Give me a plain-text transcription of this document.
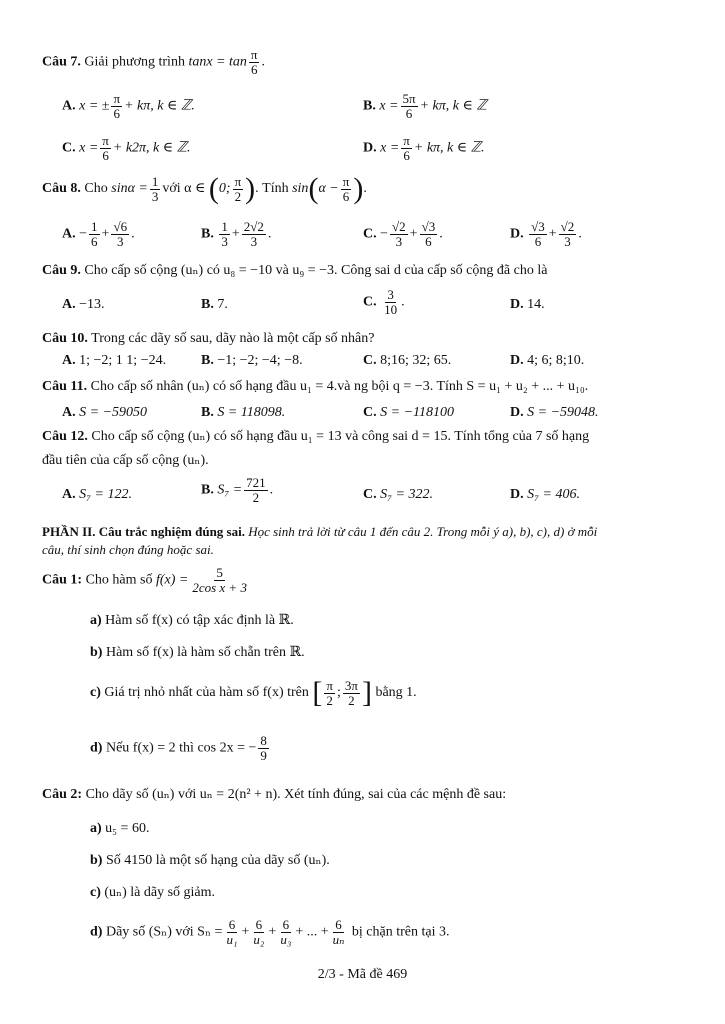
Câu 7. Giải phương trình $\tan x = \tan \frac{\pi}{6}$ .
A. x = ± $\frac{\pi}{6} + k\pi$, k ∈ ℤ.	B. $x = \frac{5\pi}{6} + k\pi$, k ∈ ℤ
C. $x = \frac{\pi}{6} + k2\pi$, k ∈ ℤ.	D. $x = \frac{\pi}{6} + k\pi$, k ∈ ℤ.
Câu 8. Cho $\sin\alpha = \frac{1}{3}$ với α ∈ (0; $\frac{\pi}{2}$ ). Tính $\sin(\alpha - \frac{\pi}{6}$ ).
A. − $\frac{1}{6} + \frac{√6}{3}$ .	B. $\frac{1}{3} + \frac{2√2}{3}$ .	C. − $\frac{√2}{3} + \frac{√3}{6}$ .	D. $\frac{√3}{6} + \frac{√2}{3}$ .
Câu 9. Cho cấp số cộng (uₙ) có u₈ = −10 và u₉ = −3. Công sai d của cấp số cộng đã cho là
A. −13.	B. 7.	C. $\frac{3}{10}$ .	D. 14.
Câu 10. Trong các dãy số sau, dãy nào là một cấp số nhân?
A. 1; −2; 1 1; −24. B. −1; −2; −4; −8.	C. 8;16; 32; 65.	D. 4; 6; 8;10.
Câu 11. Cho cấp số nhân (uₙ) có số hạng đầu u₁ = 4.và ng bội q = −3. Tính S = u₁ + u₂ + ... + u₁₀.
A. S = −59050	B. S = 118098.	C. S = −118100	D. S = −59048.
Câu 12. Cho cấp số cộng (uₙ) có số hạng đầu u₁ = 13 và công sai d = 15. Tính tổng của 7 số hạng
đầu tiên của cấp số cộng (uₙ).
A. S₇ = 122.	B. $S_7 = \frac{721}{2}$ .	C. S₇ = 322.	D. S₇ = 406.
PHẦN II. Câu trắc nghiệm đúng sai. Học sinh trả lời từ câu 1 đến câu 2. Trong mỗi ý a), b), c), d) ở mỗi
câu, thí sinh chọn đúng hoặc sai.
Câu 1: Cho hàm số $f(x) = \frac{5}{\text{2cos x + 3}}$
a) Hàm số f(x) có tập xác định là ℝ.
b) Hàm số f(x) là hàm số chẵn trên ℝ.
c) Giá trị nhỏ nhất của hàm số f(x) trên [ $\frac{\pi}{2}$ ; $\frac{3\pi}{2}$ ] bằng 1.
d) Nếu f(x) = 2 thì cos 2x = − $\frac{8}{9}$
Câu 2: Cho dãy số (uₙ) với uₙ = 2(n² + n). Xét tính đúng, sai của các mệnh đề sau:
a) u₅ = 60.
b) Số 4150 là một số hạng của dãy số (uₙ).
c) (uₙ) là dãy số giảm.
d) Dãy số (Sₙ) với $S_n = \frac{6}{\text{u₁}} + \frac{6}{\text{u₂}} + \frac{6}{\text{u₃}}$ + ... + $\frac{6}{\text{uₙ}}$ bị chặn trên tại 3.
2/3 - Mã đề 469
